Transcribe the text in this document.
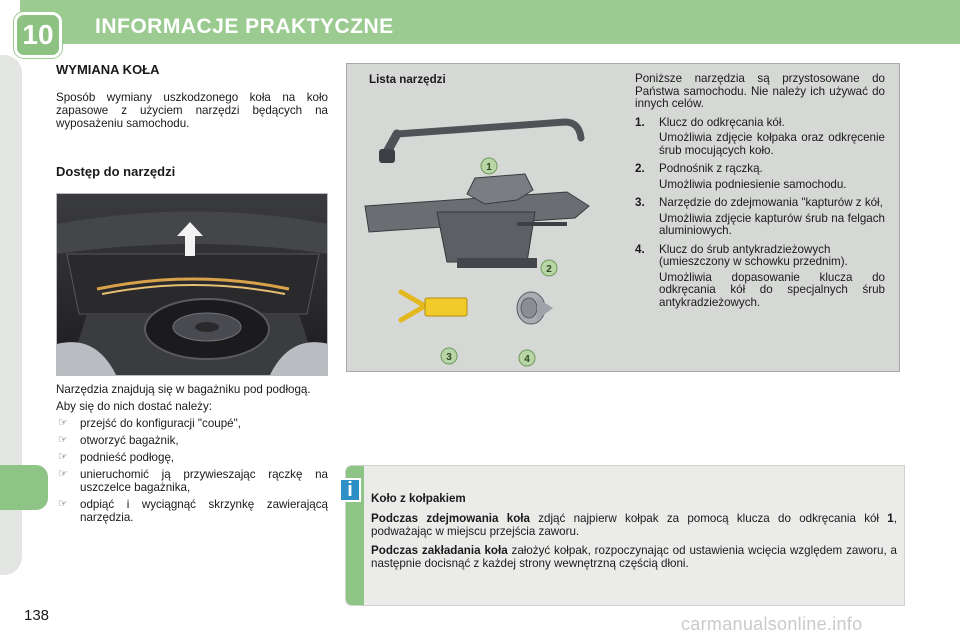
10	INFORMACJE PRAKTYCZNE
WYMIANA KOŁA
Sposób wymiany uszkodzonego koła na koło zapasowe z użyciem narzędzi będących na wyposażeniu samochodu.
Dostęp do narzędzi

Narzędzia znajdują się w bagażniku pod podłogą.

Aby się do nich dostać należy:

☞ przejść do konfiguracji "coupé",
☞ otworzyć bagażnik,
☞ podnieść podłogę,
☞ unieruchomić ją przywieszając rączkę na uszczelce bagażnika,
☞ odpiąć i wyciągnąć skrzynkę zawierającą narzędzia.
Lista narzędzi
1
2
3	4

Poniższe narzędzia są przystosowane do Państwa samochodu. Nie należy ich używać do innych celów.

1. Klucz do odkręcania kół.
Umożliwia zdjęcie kołpaka oraz odkręcenie śrub mocujących koło.
2. Podnośnik z rączką.
Umożliwia podniesienie samochodu.
3. Narzędzie do zdejmowania "kapturów z kół,
Umożliwia zdjęcie kapturów śrub na felgach aluminiowych.
4. Klucz do śrub antykradzieżowych (umieszczony w schowku przednim).
Umożliwia dopasowanie klucza do odkręcania kół do specjalnych śrub antykradzieżowych.
i	Koło z kołpakiem

Podczas zdejmowania koła zdjąć najpierw kołpak za pomocą klucza do odkręcania kół 1, podważając w miejscu przejścia zaworu.

Podczas zakładania koła założyć kołpak, rozpoczynając od ustawienia wcięcia względem zaworu, a następnie docisnąć z każdej strony wewnętrzną częścią dłoni.

138	carmanualsonline.info
